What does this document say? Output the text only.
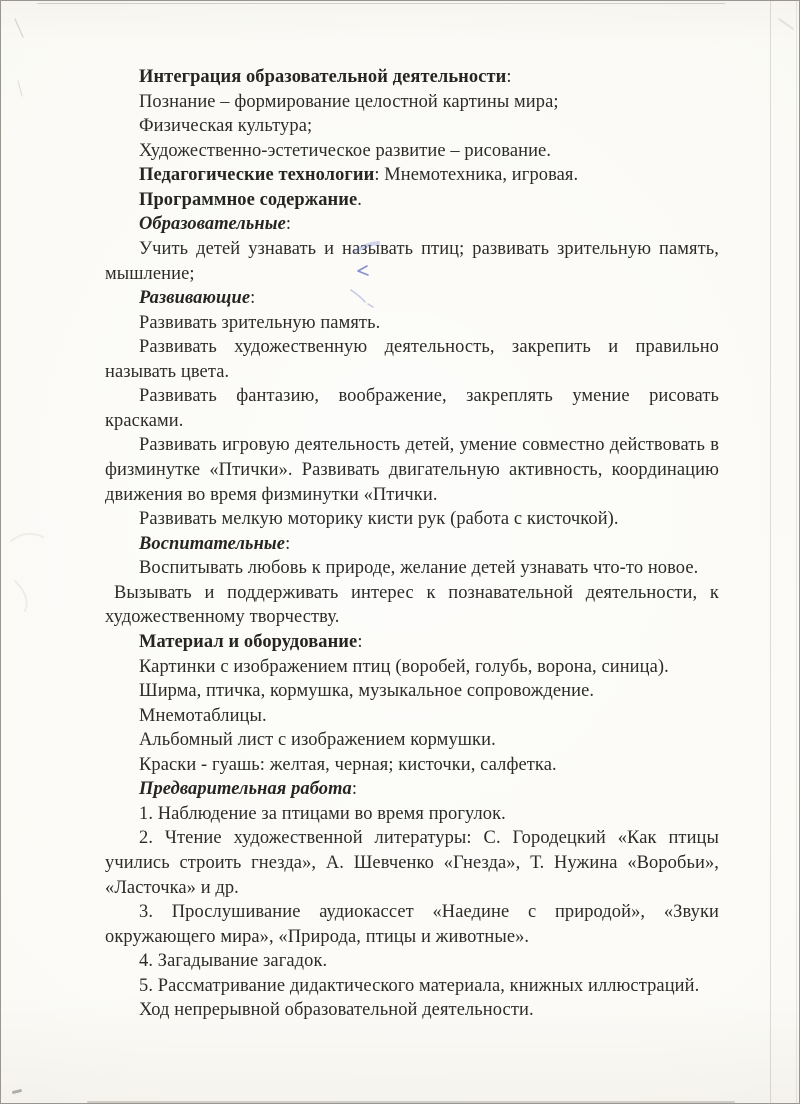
Интеграция образовательной деятельности:
Познание – формирование целостной картины мира;
Физическая культура;
Художественно-эстетическое развитие – рисование.
Педагогические технологии: Мнемотехника, игровая.
Программное содержание.
Образовательные:
Учить детей узнавать и называть птиц; развивать зрительную память,
мышление;
Развивающие:
Развивать зрительную память.
Развивать художественную деятельность, закрепить и правильно
называть цвета.
Развивать фантазию, воображение, закреплять умение рисовать
красками.
Развивать игровую деятельность детей, умение совместно действовать в
физминутке «Птички». Развивать двигательную активность, координацию
движения во время физминутки «Птички.
Развивать мелкую моторику кисти рук (работа с кисточкой).
Воспитательные:
Воспитывать любовь к природе, желание детей узнавать что-то новое.
Вызывать и поддерживать интерес к познавательной деятельности, к
художественному творчеству.
Материал и оборудование:
Картинки с изображением птиц (воробей, голубь, ворона, синица).
Ширма, птичка, кормушка, музыкальное сопровождение.
Мнемотаблицы.
Альбомный лист с изображением кормушки.
Краски - гуашь: желтая, черная; кисточки, салфетка.
Предварительная работа:
1. Наблюдение за птицами во время прогулок.
2. Чтение художественной литературы: С. Городецкий «Как птицы
учились строить гнезда», А. Шевченко «Гнезда», Т. Нужина «Воробьи»,
«Ласточка» и др.
3. Прослушивание аудиокассет «Наедине с природой», «Звуки
окружающего мира», «Природа, птицы и животные».
4. Загадывание загадок.
5. Рассматривание дидактического материала, книжных иллюстраций.
Ход непрерывной образовательной деятельности.
